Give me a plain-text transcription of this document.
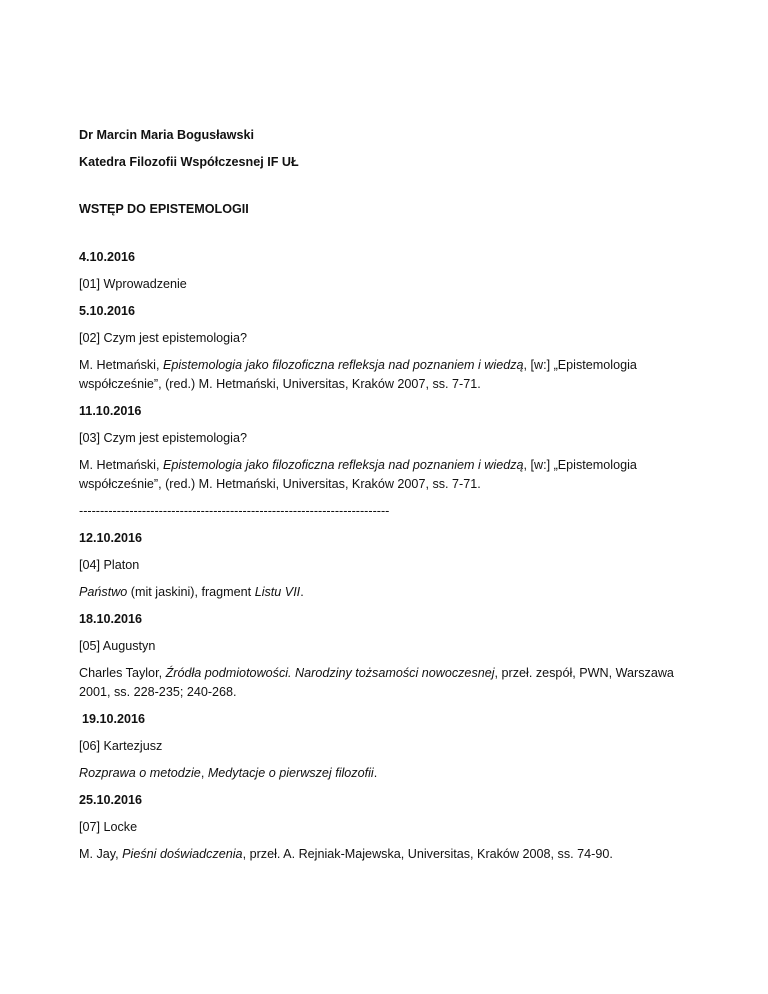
Dr Marcin Maria Bogusławski

Katedra Filozofii Współczesnej IF UŁ

WSTĘP DO EPISTEMOLOGII

4.10.2016

[01] Wprowadzenie

5.10.2016

[02] Czym jest epistemologia?

M. Hetmański, Epistemologia jako filozoficzna refleksja nad poznaniem i wiedzą, [w:] „Epistemologia współcześnie”, (red.) M. Hetmański, Universitas, Kraków 2007, ss. 7-71.

11.10.2016

[03] Czym jest epistemologia?

M. Hetmański, Epistemologia jako filozoficzna refleksja nad poznaniem i wiedzą, [w:] „Epistemologia współcześnie”, (red.) M. Hetmański, Universitas, Kraków 2007, ss. 7-71.

--------------------------------------------------------------------------

12.10.2016

[04] Platon

Państwo (mit jaskini), fragment Listu VII.

18.10.2016

[05] Augustyn

Charles Taylor, Źródła podmiotowości. Narodziny tożsamości nowoczesnej, przeł. zespół, PWN, Warszawa 2001, ss. 228-235; 240-268.

19.10.2016

[06] Kartezjusz

Rozprawa o metodzie, Medytacje o pierwszej filozofii.

25.10.2016

[07] Locke

M. Jay, Pieśni doświadczenia, przeł. A. Rejniak-Majewska, Universitas, Kraków 2008, ss. 74-90.
